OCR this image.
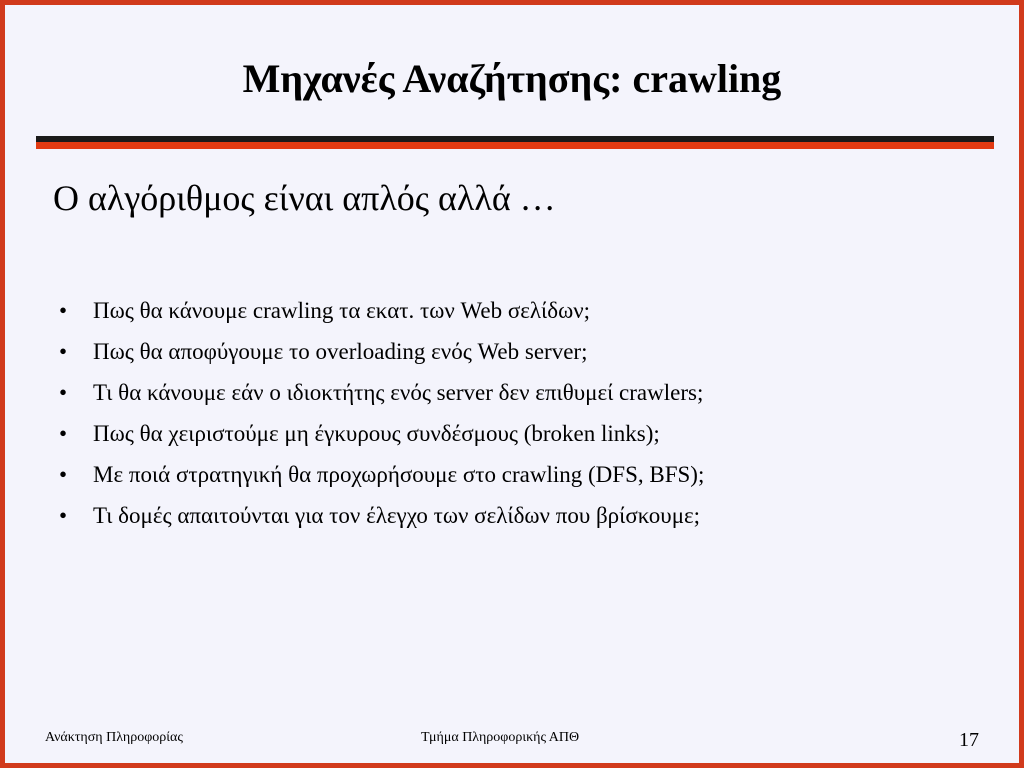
Μηχανές Αναζήτησης: crawling
Ο αλγόριθμος είναι απλός αλλά …
• Πως θα κάνουμε crawling τα εκατ. των Web σελίδων;
• Πως θα αποφύγουμε το overloading ενός Web server;
• Τι θα κάνουμε εάν ο ιδιοκτήτης ενός server δεν επιθυμεί crawlers;
• Πως θα χειριστούμε μη έγκυρους συνδέσμους (broken links);
• Με ποιά στρατηγική θα προχωρήσουμε στο crawling (DFS, BFS);
• Τι δομές απαιτούνται για τον έλεγχο των σελίδων που βρίσκουμε;
Ανάκτηση Πληροφορίας	Τμήμα Πληροφορικής ΑΠΘ	17
